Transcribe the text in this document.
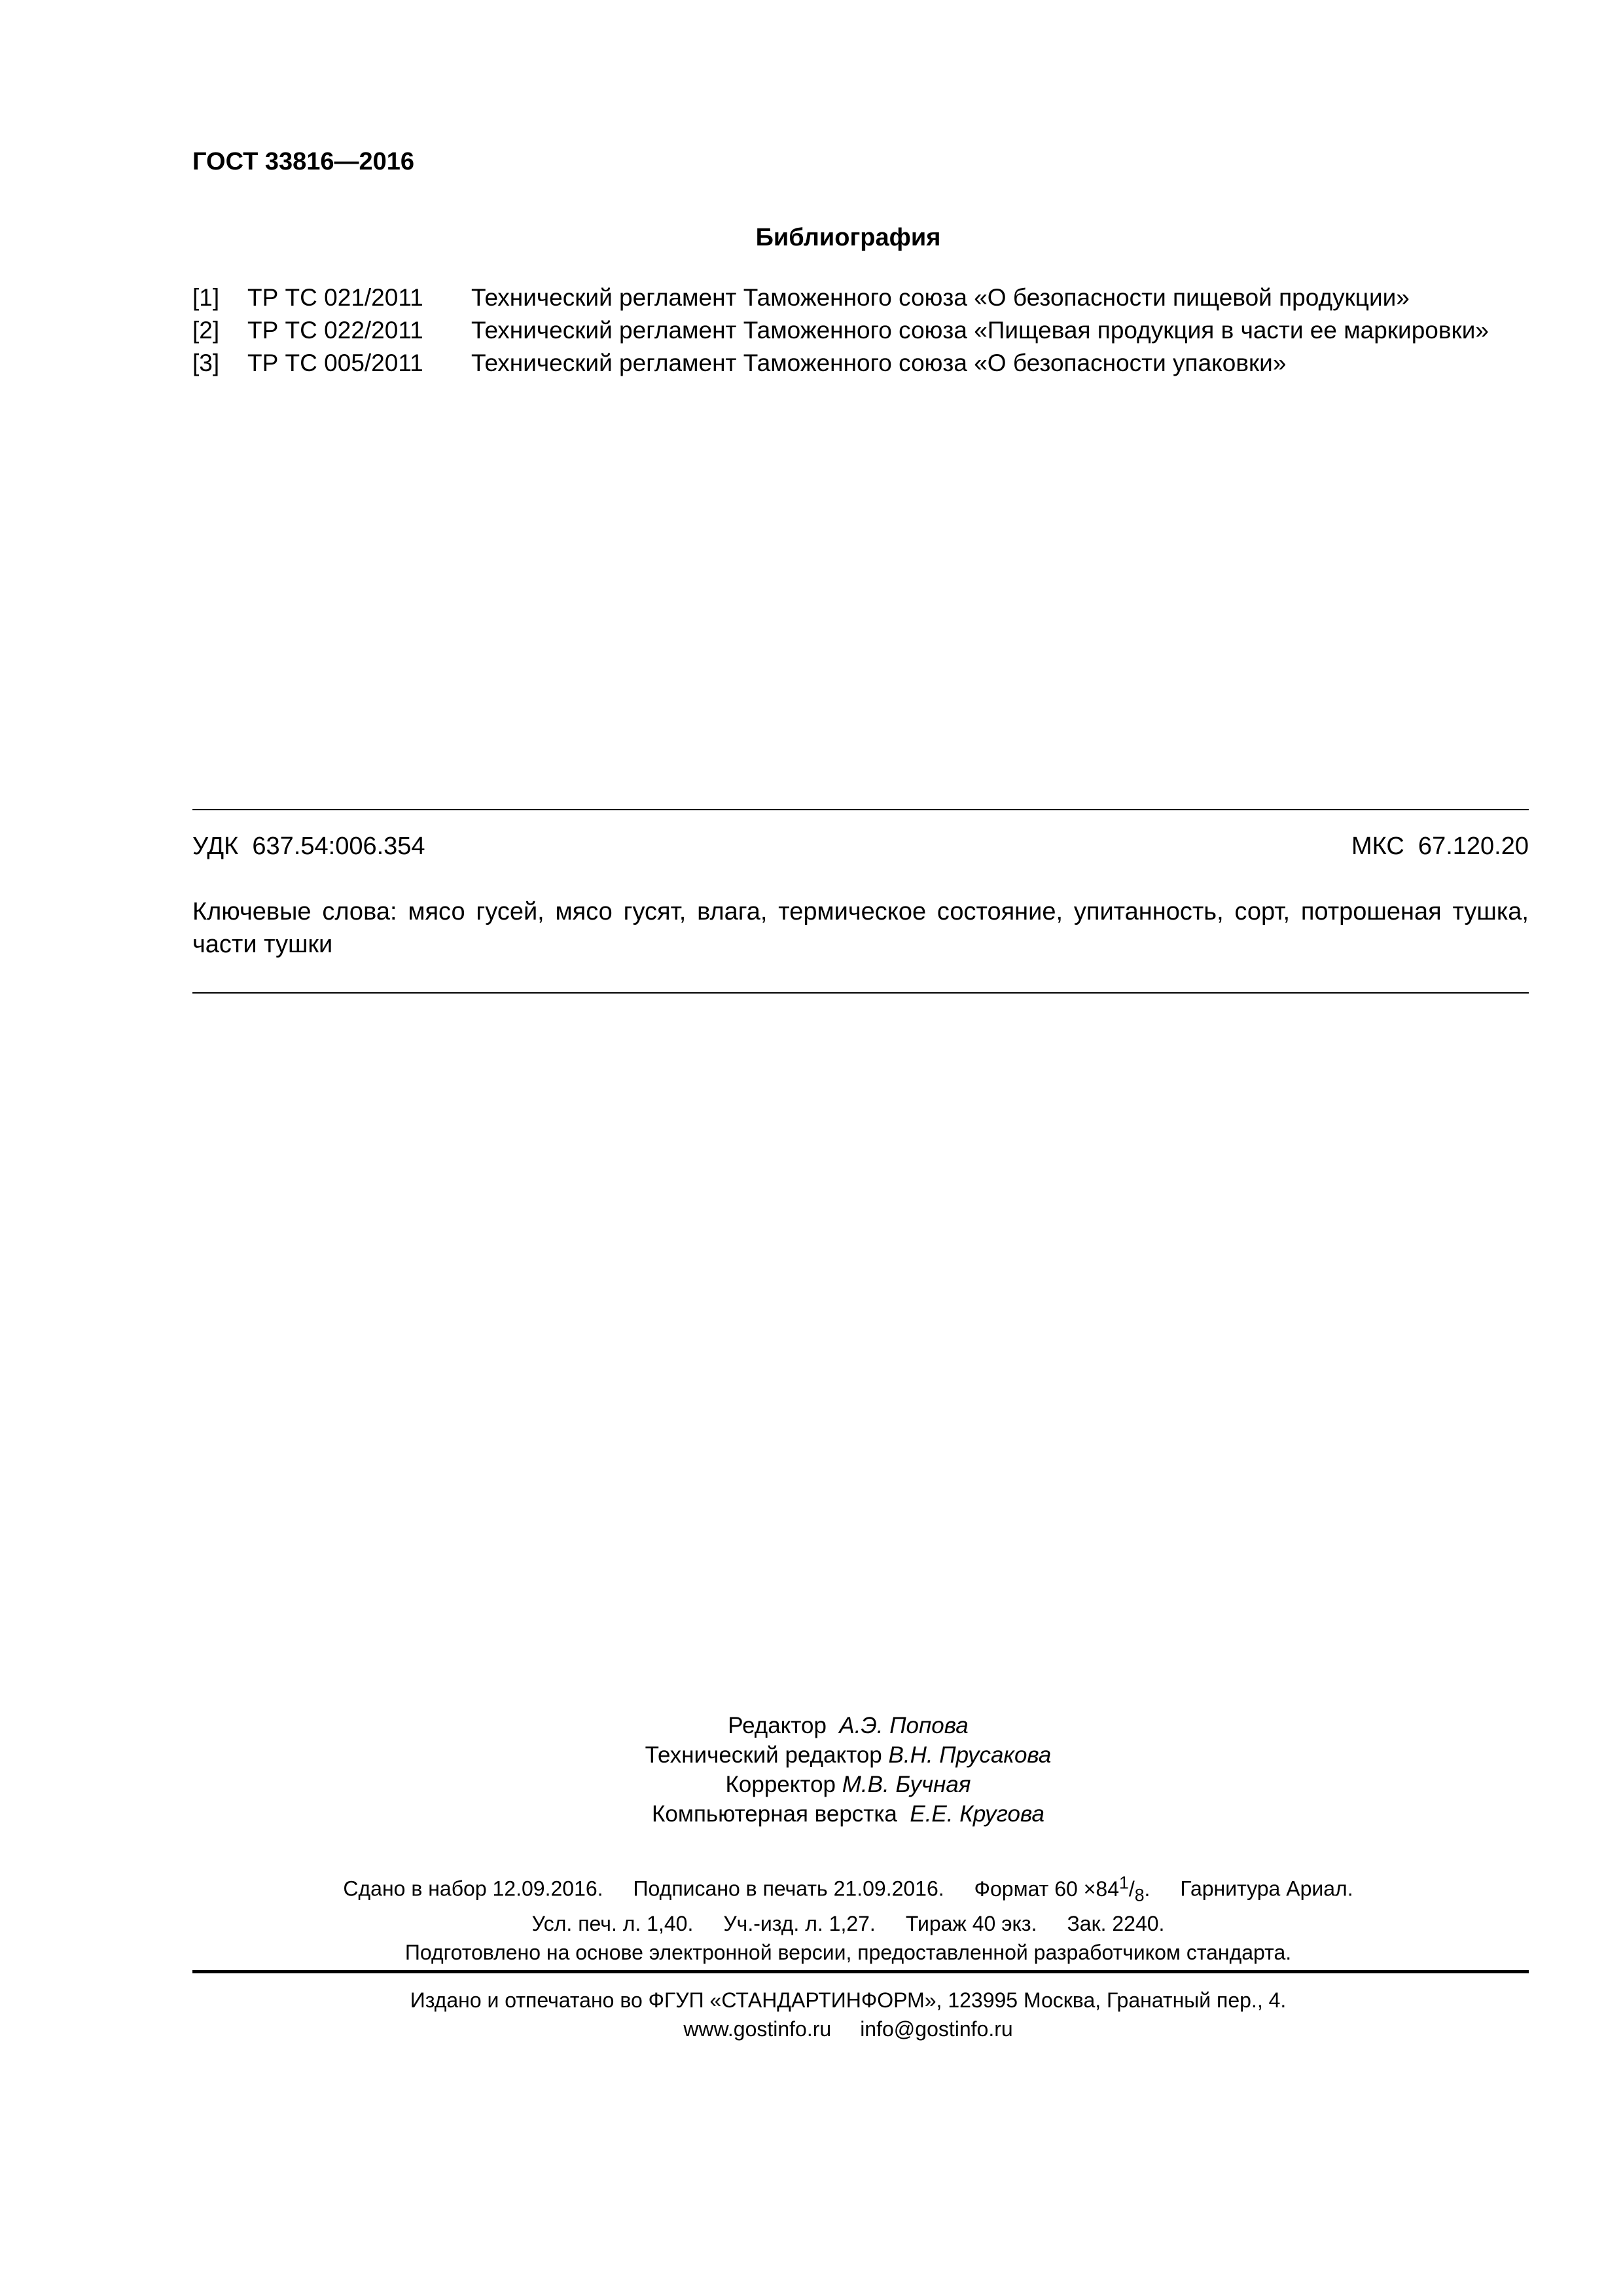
ГОСТ 33816—2016
Библиография
[1]	ТР ТС 021/2011	Технический регламент Таможенного союза «О безопасности пищевой продукции»
[2]	ТР ТС 022/2011	Технический регламент Таможенного союза «Пищевая продукция в части ее маркировки»
[3]	ТР ТС 005/2011	Технический регламент Таможенного союза «О безопасности упаковки»
УДК  637.54:006.354	МКС  67.120.20
Ключевые слова: мясо гусей, мясо гусят, влага, термическое состояние, упитанность, сорт, потрошеная тушка, части тушки
Редактор А.Э. Попова
Технический редактор В.Н. Прусакова
Корректор М.В. Бучная
Компьютерная верстка Е.Е. Кругова
Сдано в набор 12.09.2016. Подписано в печать 21.09.2016. Формат $60 \times 84^1/_8$. Гарнитура Ариал.
Усл. печ. л. 1,40. Уч.-изд. л. 1,27. Тираж 40 экз. Зак. 2240.
Подготовлено на основе электронной версии, предоставленной разработчиком стандарта.
Издано и отпечатано во ФГУП «СТАНДАРТИНФОРМ», 123995 Москва, Гранатный пер., 4.
www.gostinfo.ru info@gostinfo.ru
